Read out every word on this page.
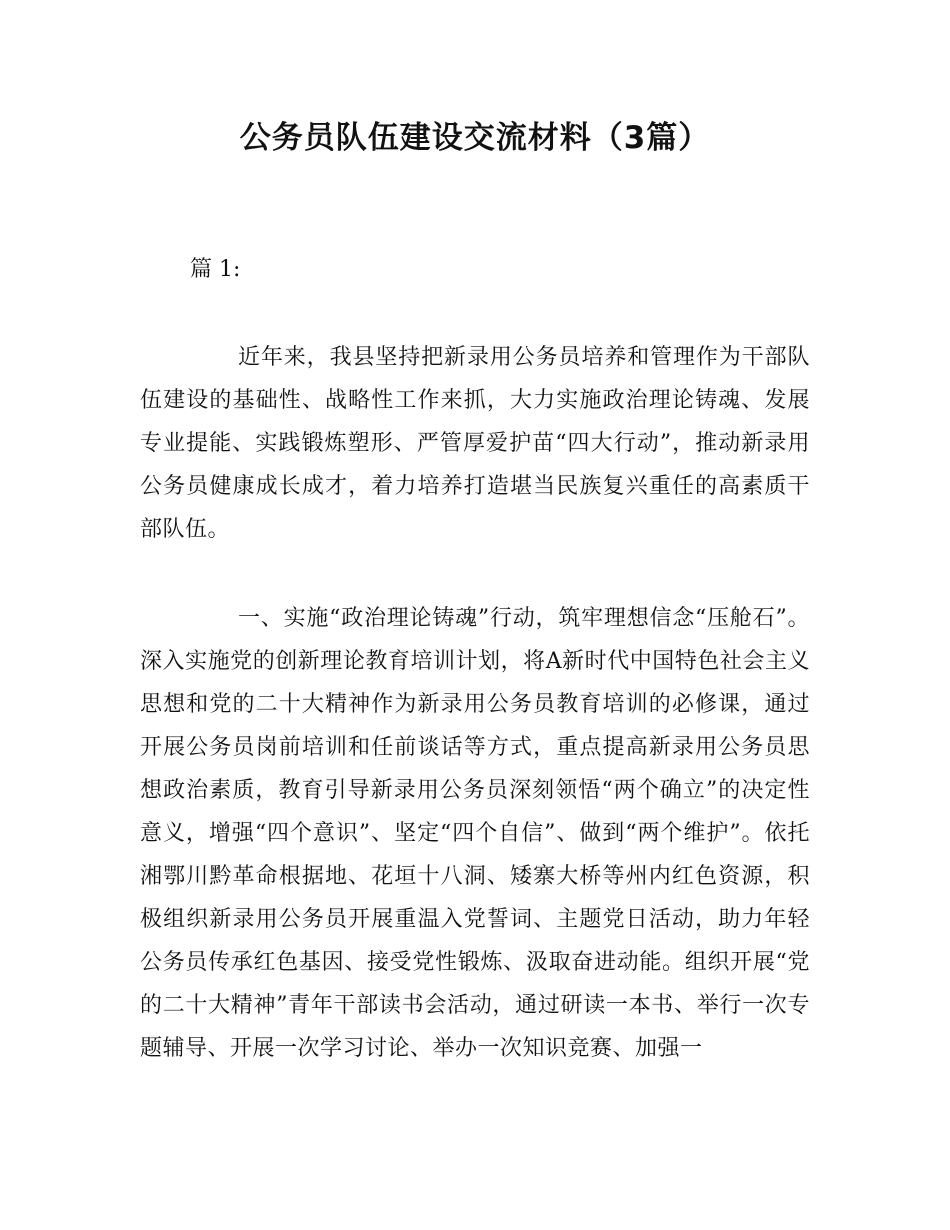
公务员队伍建设交流材料（3篇）

篇 1:

近年来，我县坚持把新录用公务员培养和管理作为干部队伍建设的基础性、战略性工作来抓，大力实施政治理论铸魂、发展专业提能、实践锻炼塑形、严管厚爱护苗“四大行动”，推动新录用公务员健康成长成才，着力培养打造堪当民族复兴重任的高素质干部队伍。

一、实施“政治理论铸魂”行动，筑牢理想信念“压舱石”。深入实施党的创新理论教育培训计划，将A新时代中国特色社会主义思想和党的二十大精神作为新录用公务员教育培训的必修课，通过开展公务员岗前培训和任前谈话等方式，重点提高新录用公务员思想政治素质，教育引导新录用公务员深刻领悟“两个确立”的决定性意义，增强“四个意识”、坚定“四个自信”、做到“两个维护”。依托湘鄂川黔革命根据地、花垣十八洞、矮寨大桥等州内红色资源，积极组织新录用公务员开展重温入党誓词、主题党日活动，助力年轻公务员传承红色基因、接受党性锻炼、汲取奋进动能。组织开展“党的二十大精神”青年干部读书会活动，通过研读一本书、举行一次专题辅导、开展一次学习讨论、举办一次知识竞赛、加强一
